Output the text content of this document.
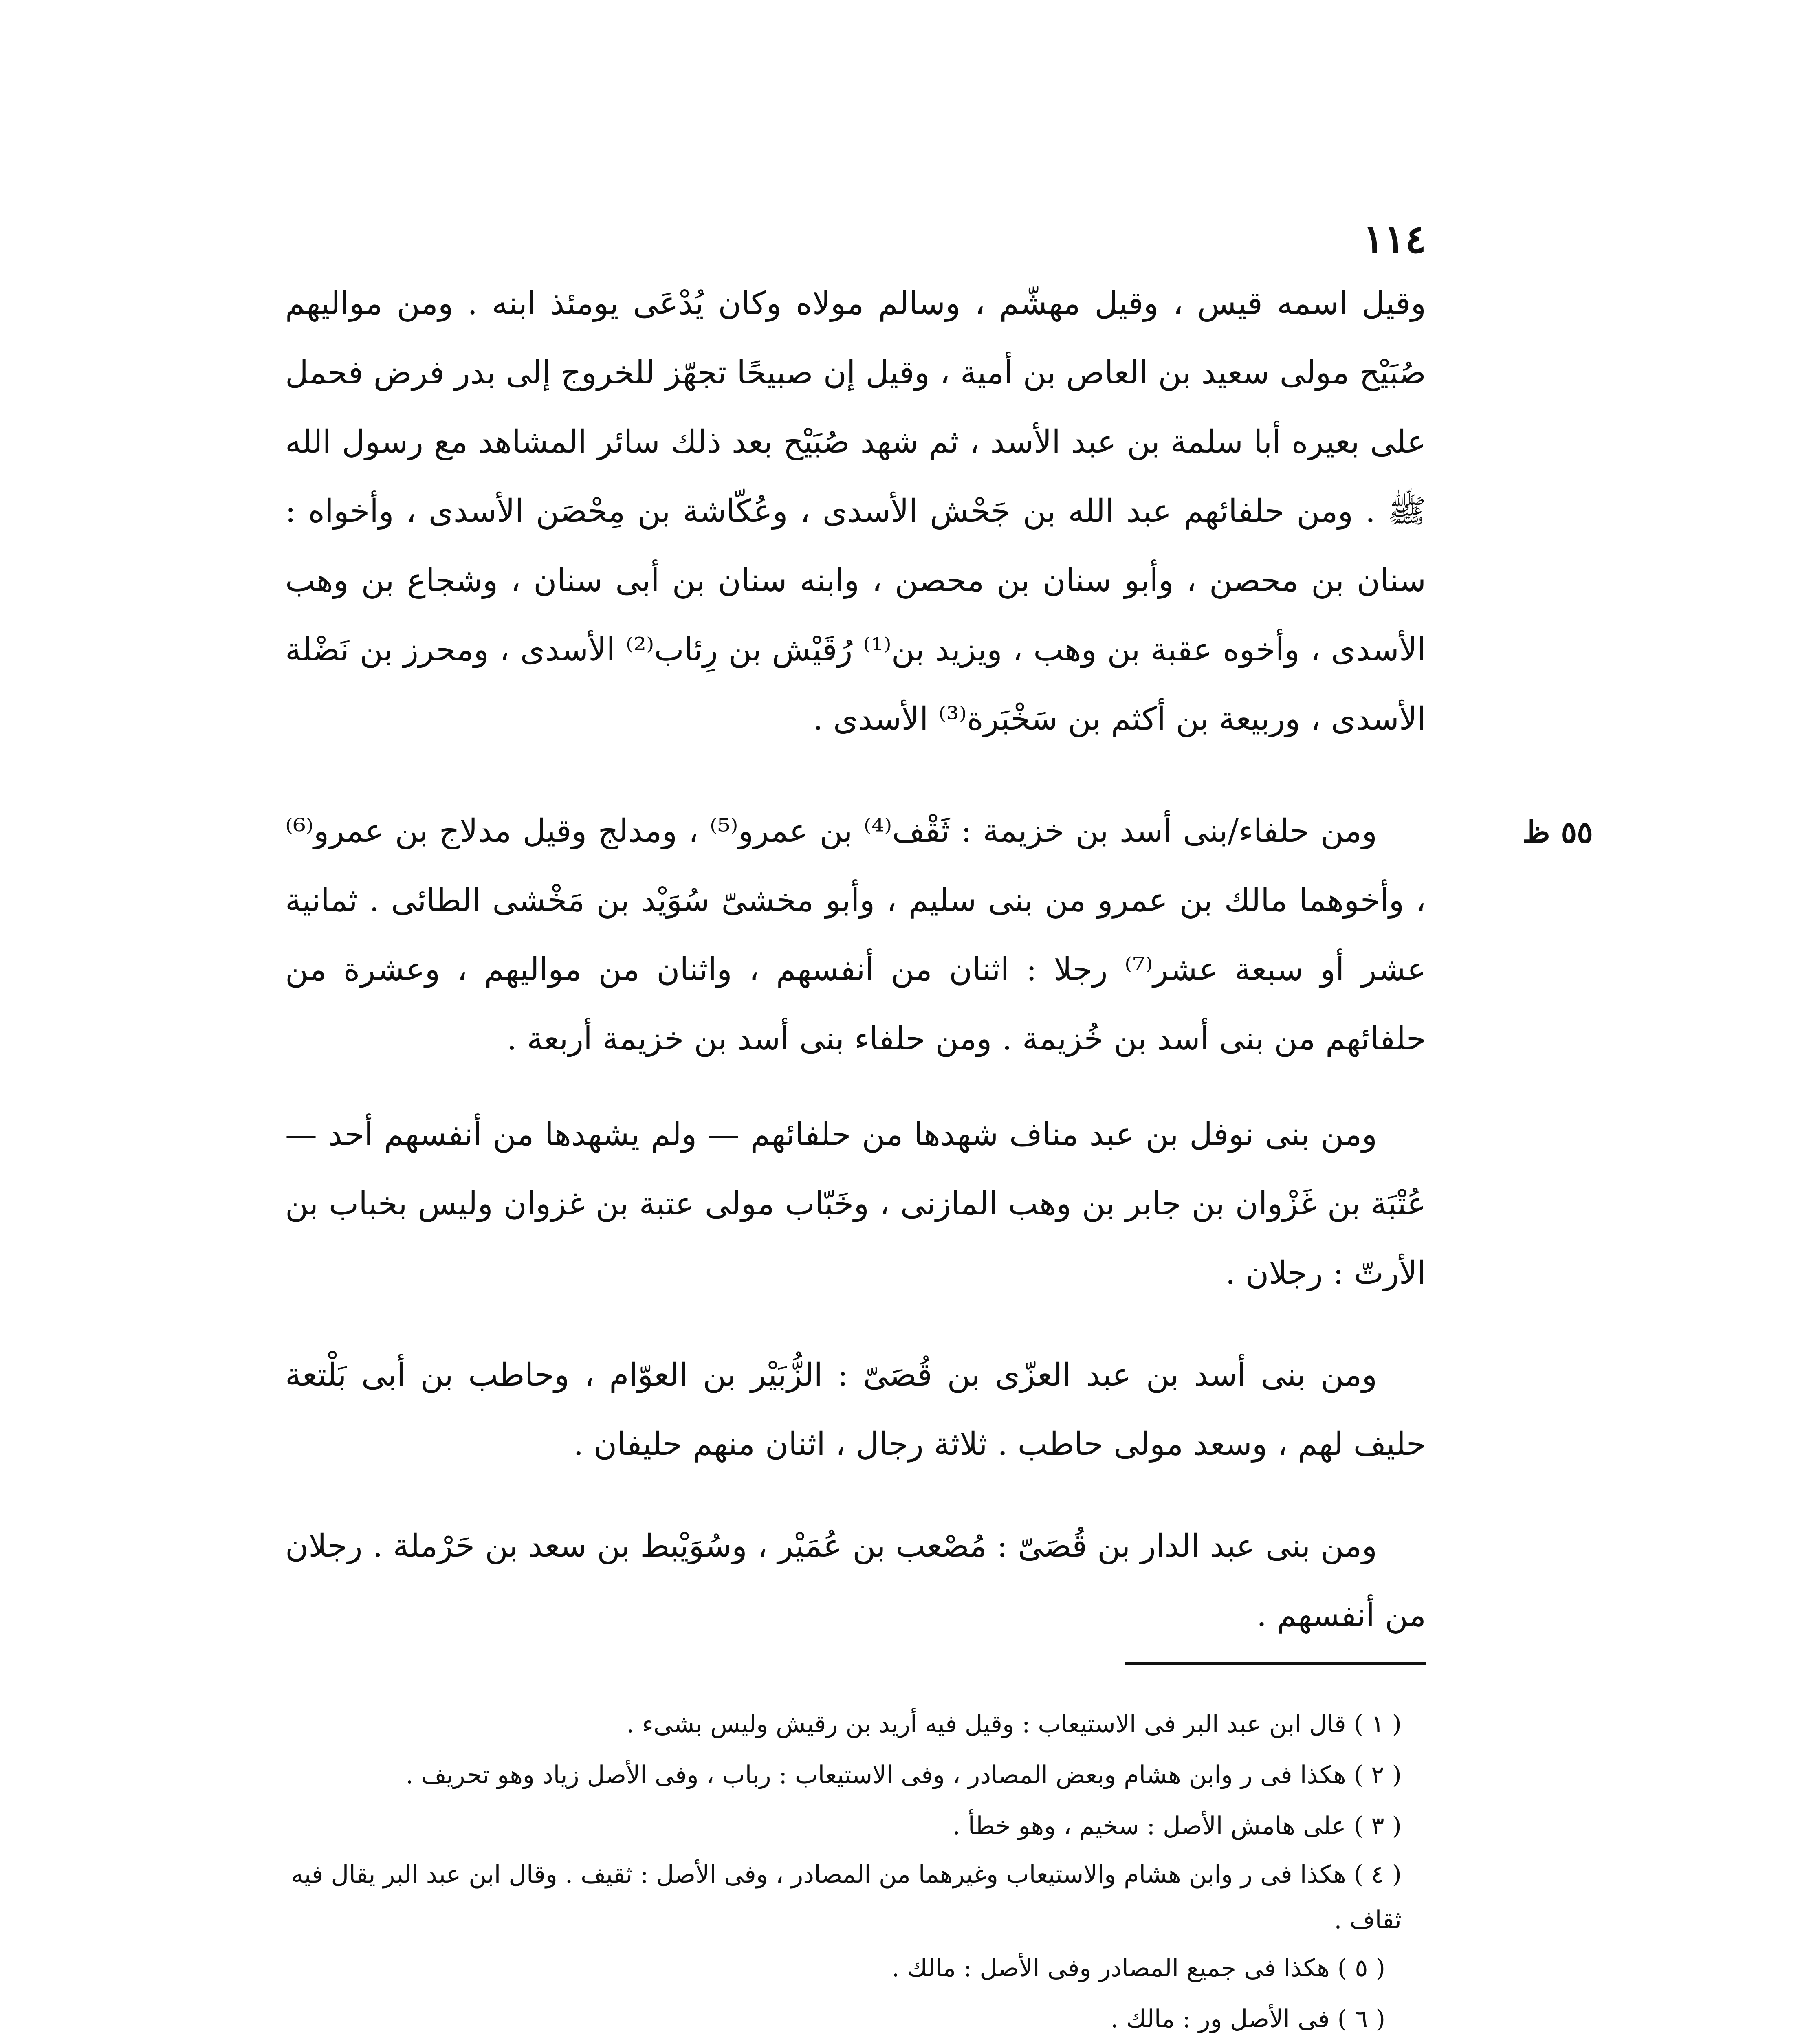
١١٤
٥٥ ظ

وقيل اسمه قيس ، وقيل مهشّم ، وسالم مولاه وكان يُدْعَى يومئذ ابنه . ومن مواليهم صُبَيْح مولى سعيد بن العاص بن أمية ، وقيل إن صبيحًا تجهّز للخروج إلى بدر فرض فحمل على بعيره أبا سلمة بن عبد الأسد ، ثم شهد صُبَيْح بعد ذلك سائر المشاهد مع رسول الله ﷺ . ومن حلفائهم عبد الله بن جَحْش الأسدى ، وعُكّاشة بن مِحْصَن الأسدى ، وأخواه : سنان بن محصن ، وأبو سنان بن محصن ، وابنه سنان بن أبى سنان ، وشجاع بن وهب الأسدى ، وأخوه عقبة بن وهب ، ويزيد بن⁽¹⁾ رُقَيْش بن رِئاب⁽²⁾ الأسدى ، ومحرز بن نَضْلة الأسدى ، وربيعة بن أكثم بن سَخْبَرة⁽³⁾ الأسدى .

ومن حلفاء/بنى أسد بن خزيمة : ثَقْف⁽⁴⁾ بن عمرو⁽⁵⁾ ، ومدلج وقيل مدلاج بن عمرو⁽⁶⁾ ، وأخوهما مالك بن عمرو من بنى سليم ، وأبو مخشىّ سُوَيْد بن مَخْشى الطائى . ثمانية عشر أو سبعة عشر⁽⁷⁾ رجلا : اثنان من أنفسهم ، واثنان من مواليهم ، وعشرة من حلفائهم من بنى أسد بن خُزيمة . ومن حلفاء بنى أسد بن خزيمة أربعة .

ومن بنى نوفل بن عبد مناف شهدها من حلفائهم — ولم يشهدها من أنفسهم أحد — عُتْبَة بن غَزْوان بن جابر بن وهب المازنى ، وخَبّاب مولى عتبة بن غزوان وليس بخباب بن الأرتّ : رجلان .

ومن بنى أسد بن عبد العزّى بن قُصَىّ : الزُّبَيْر بن العوّام ، وحاطب بن أبى بَلْتعة حليف لهم ، وسعد مولى حاطب . ثلاثة رجال ، اثنان منهم حليفان .

ومن بنى عبد الدار بن قُصَىّ : مُصْعب بن عُمَيْر ، وسُوَيْبط بن سعد بن حَرْملة . رجلان من أنفسهم .

( ١ ) قال ابن عبد البر فى الاستيعاب : وقيل فيه أريد بن رقيش وليس بشىء .
( ٢ ) هكذا فى ر وابن هشام وبعض المصادر ، وفى الاستيعاب : رباب ، وفى الأصل زياد وهو تحريف .
( ٣ ) على هامش الأصل : سخيم ، وهو خطأ .
( ٤ ) هكذا فى ر وابن هشام والاستيعاب وغيرهما من المصادر ، وفى الأصل : ثقيف . وقال ابن عبد البر يقال فيه ثقاف .
( ٥ ) هكذا فى جميع المصادر وفى الأصل : مالك .
( ٦ ) فى الأصل ور : مالك .
